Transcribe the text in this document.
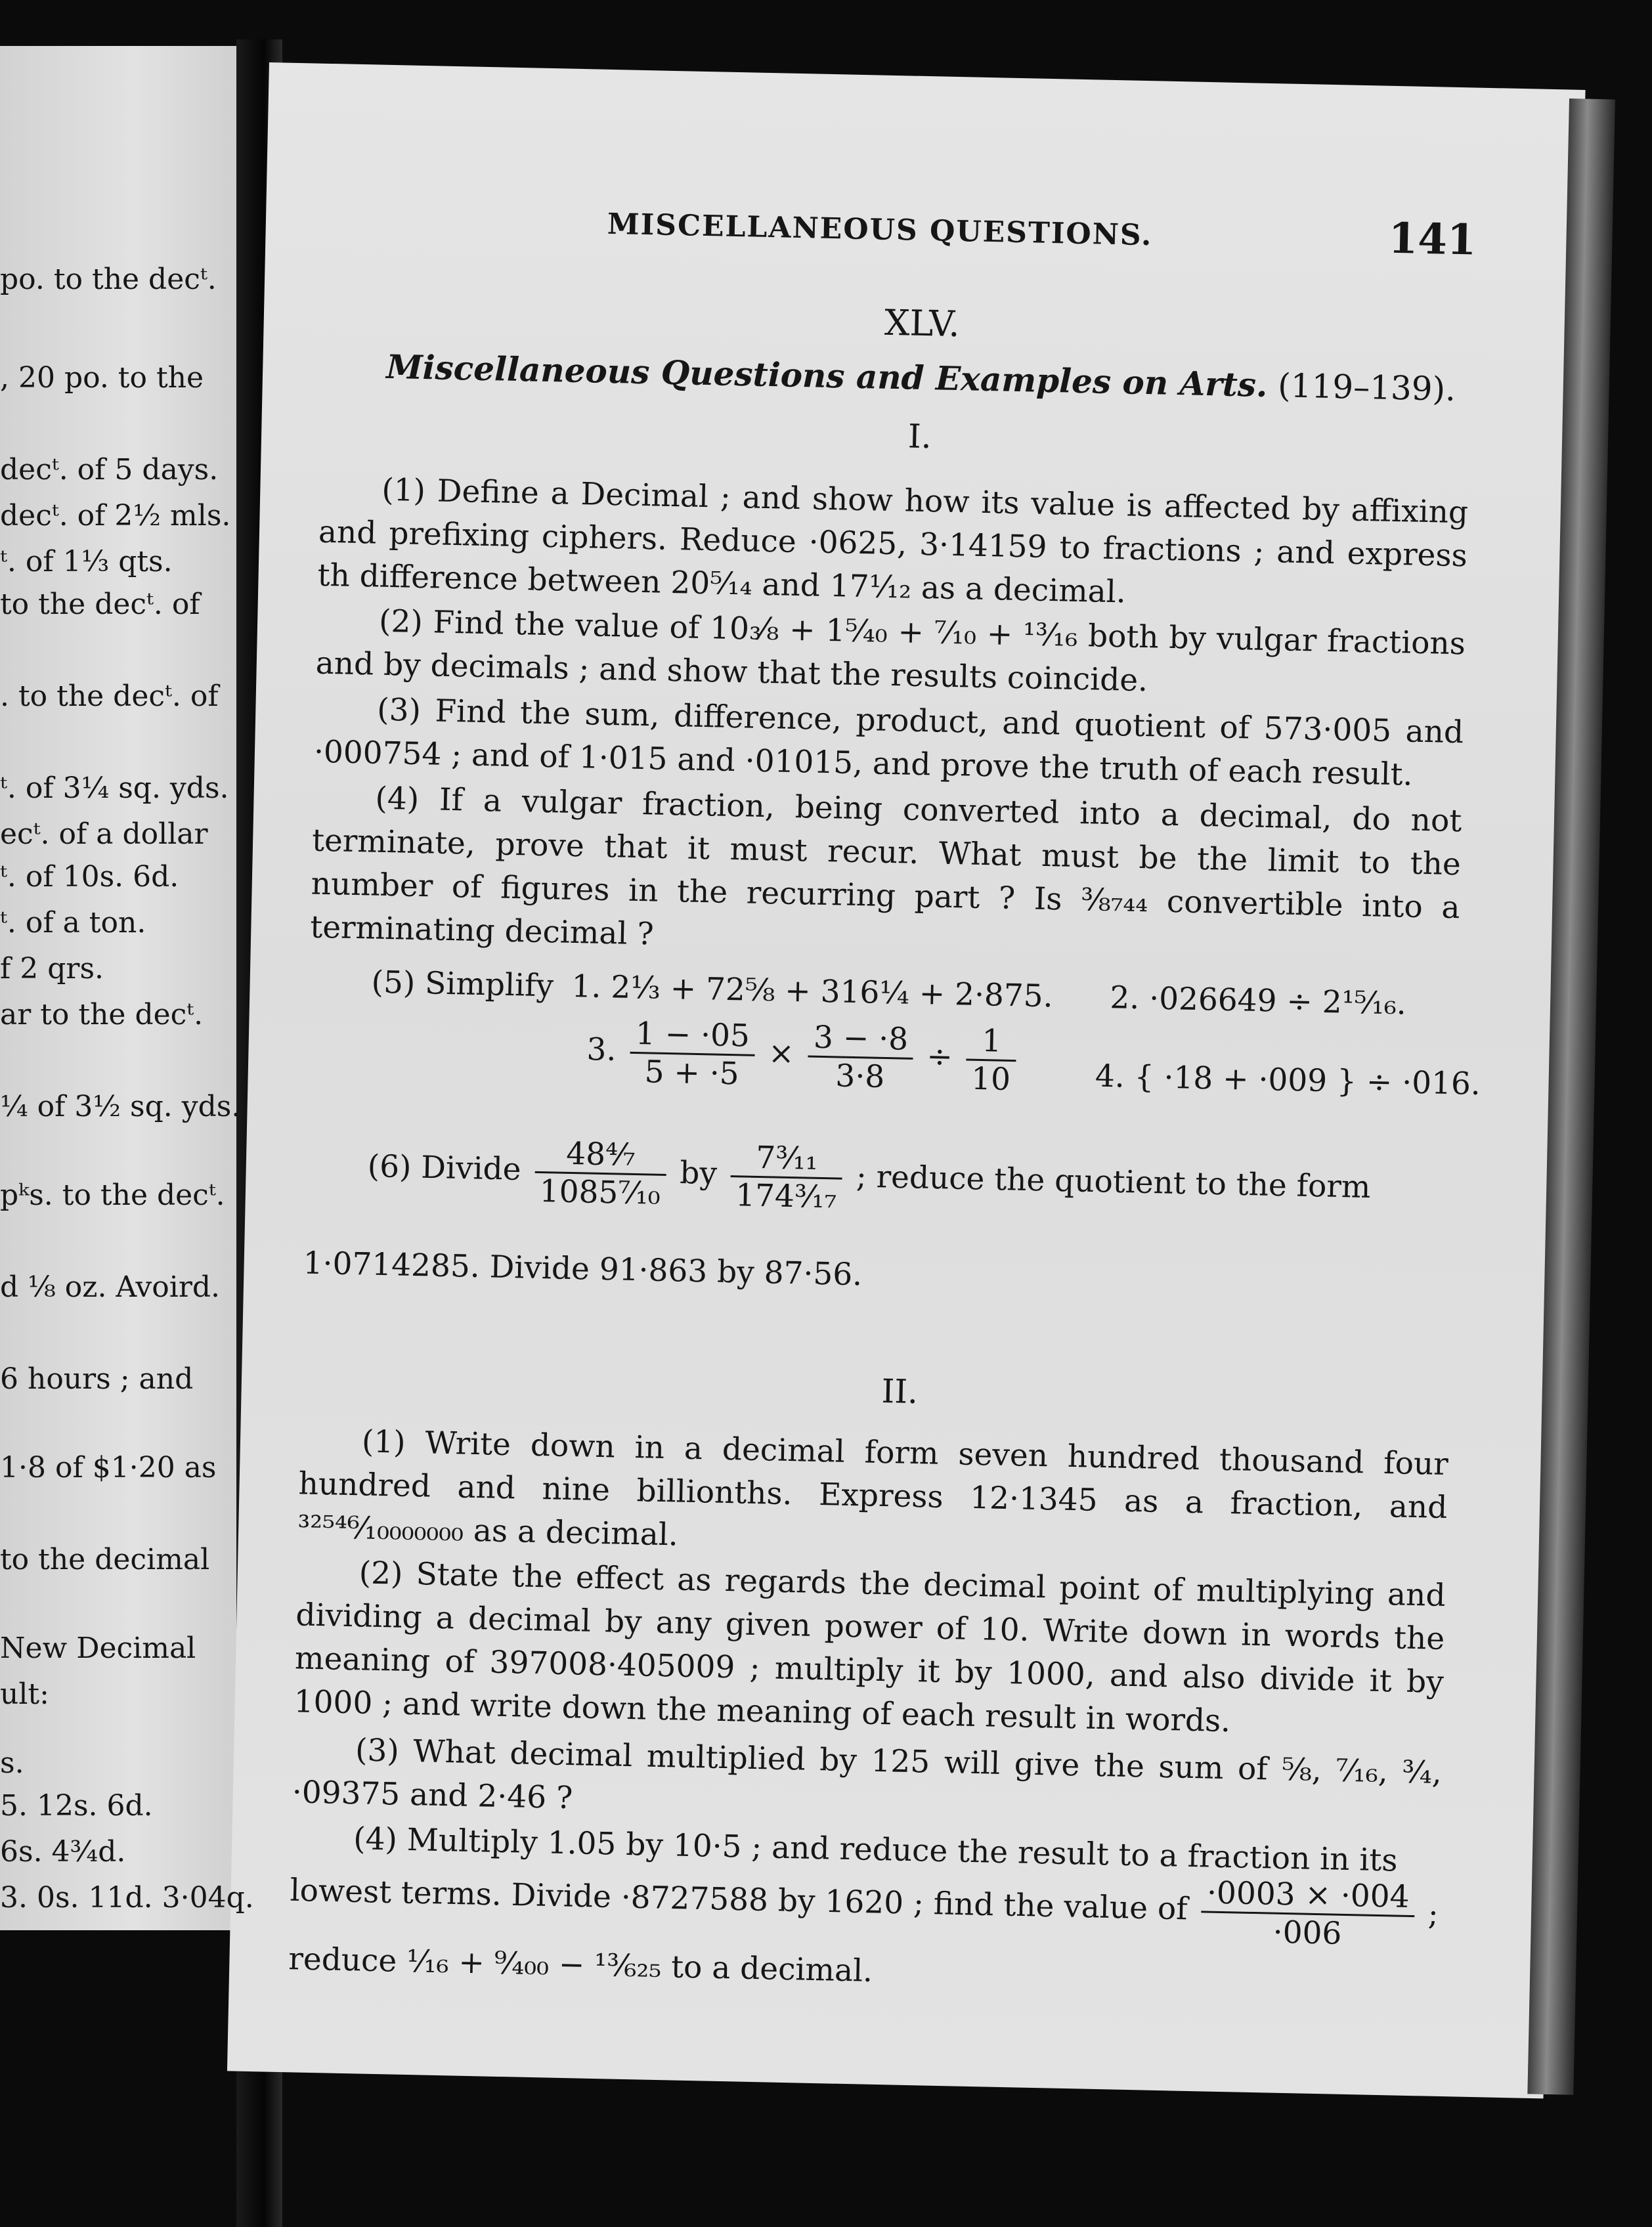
MISCELLANEOUS QUESTIONS.	141
XLV.
Miscellaneous Questions and Examples on Arts. (119–139).
I.

(1) Define a Decimal ; and show how its value is affected by affixing and prefixing ciphers. Reduce ·0625, 3·14159 to fractions ; and express th difference between 20⁵⁄₁₄ and 17¹⁄₁₂ as a decimal.

(2) Find the value of 10₃⁄₈ + 1⁵⁄₄₀ + ⁷⁄₁₀ + ¹³⁄₁₆ both by vulgar fractions and by decimals ; and show that the results coincide.

(3) Find the sum, difference, product, and quotient of 573·005 and ·000754 ; and of 1·015 and ·01015, and prove the truth of each result.

(4) If a vulgar fraction, being converted into a decimal, do not terminate, prove that it must recur. What must be the limit to the number of figures in the recurring part ? Is ³⁄₈₇₄₄ convertible into a terminating decimal ?

(5) Simplify 1. 2⅓ + 72⁵⁄₈ + 316¼ + 2·875. 2. ·026649 ÷ 2¹⁵⁄₁₆.
3. $\frac{1 - \cdot 05}{5 + \cdot 5} \times \frac{3 - \cdot 8}{3\cdot 8} \div \frac{1}{10}$	4. { ·18 + ·009 } ÷ ·016.
(6) Divide $\frac{\text{48⁴⁄₇}}{\text{1085⁷⁄₁₀}}$ by $\frac{\text{7³⁄₁₁}}{\text{174³⁄₁₇}}$ ; reduce the quotient to the form
1·0714285. Divide 91·863 by 87·56.
II.

(1) Write down in a decimal form seven hundred thousand four hundred and nine billionths. Express 12·1345 as a fraction, and ³²⁵⁴⁶⁄₁₀₀₀₀₀₀₀ as a decimal.

(2) State the effect as regards the decimal point of multiplying and dividing a decimal by any given power of 10. Write down in words the meaning of 397008·405009 ; multiply it by 1000, and also divide it by 1000 ; and write down the meaning of each result in words.

(3) What decimal multiplied by 125 will give the sum of ⁵⁄₈, ⁷⁄₁₆, ¾, ·09375 and 2·46 ?

(4) Multiply 1.05 by 10·5 ; and reduce the result to a fraction in its

lowest terms. Divide ·8727588 by 1620 ; find the value of $\frac{\cdot 0003 \times \cdot 004}{\cdot 006}$ ;
reduce ¹⁄₁₆ + ⁹⁄₄₀₀ − ¹³⁄₆₂₅ to a decimal.
po. to the decᵗ.
, 20 po. to the
decᵗ. of 5 days.
decᵗ. of 2½ mls.
ᵗ. of 1⅓ qts.
to the decᵗ. of
. to the decᵗ. of
ᵗ. of 3¼ sq. yds.
ecᵗ. of a dollar
ᵗ. of 10s. 6d.
ᵗ. of a ton.
f 2 qrs.
ar to the decᵗ.
¼ of 3½ sq. yds.
pᵏs. to the decᵗ.
d ⅛ oz. Avoird.
6 hours ; and
1·8 of $1·20 as
to the decimal
New Decimal
ult:
s.
5. 12s. 6d.
6s. 4¾d.
3. 0s. 11d. 3·04q.
